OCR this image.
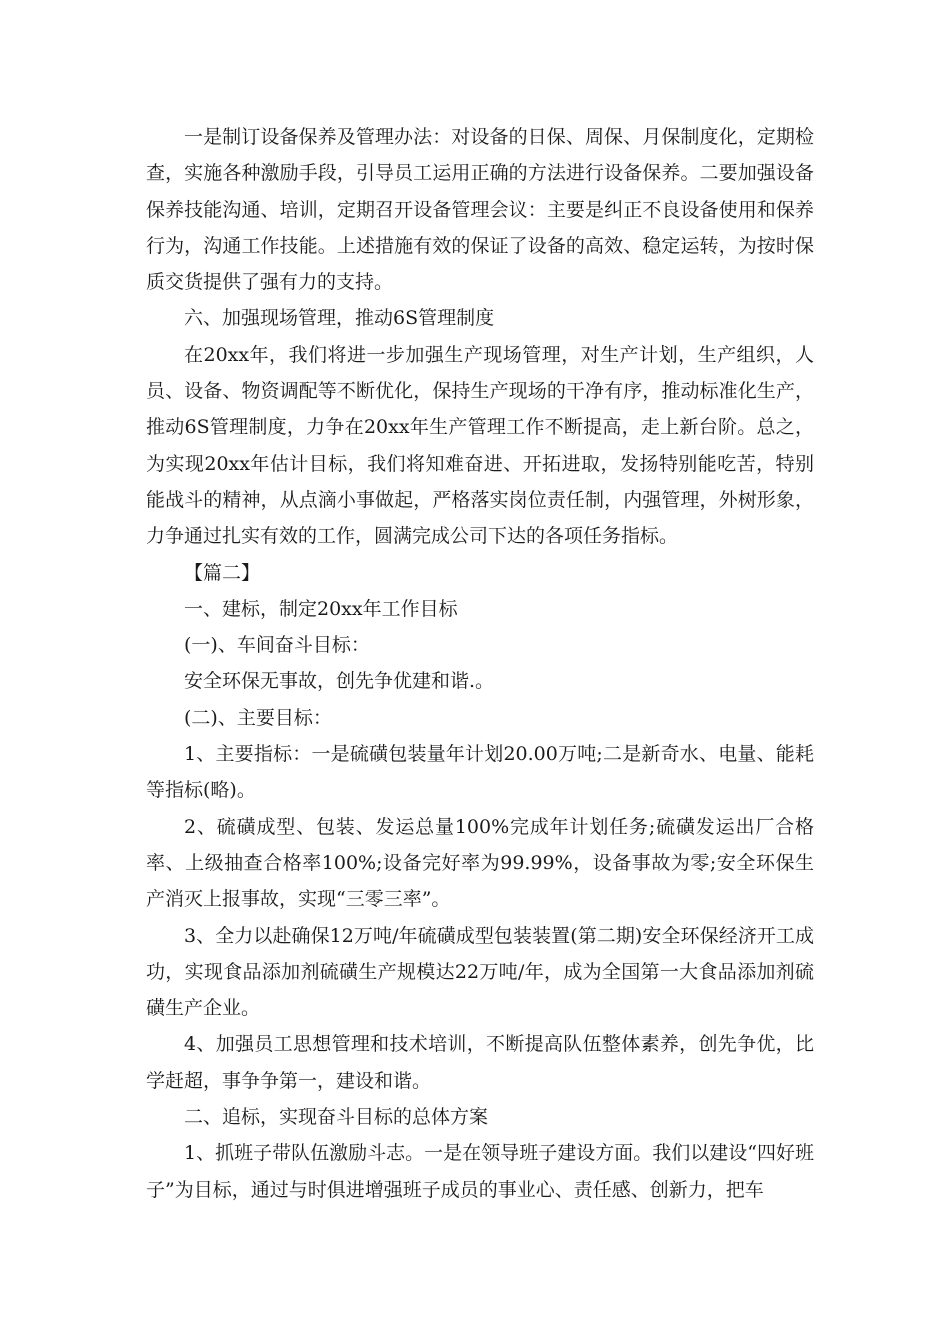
一是制订设备保养及管理办法：对设备的日保、周保、月保制度化，定期检查，实施各种激励手段，引导员工运用正确的方法进行设备保养。二要加强设备保养技能沟通、培训，定期召开设备管理会议：主要是纠正不良设备使用和保养行为，沟通工作技能。上述措施有效的保证了设备的高效、稳定运转，为按时保质交货提供了强有力的支持。

六、加强现场管理，推动6S管理制度

在20xx年，我们将进一步加强生产现场管理，对生产计划，生产组织，人员、设备、物资调配等不断优化，保持生产现场的干净有序，推动标准化生产，推动6S管理制度，力争在20xx年生产管理工作不断提高，走上新台阶。总之，为实现20xx年估计目标，我们将知难奋进、开拓进取，发扬特别能吃苦，特别能战斗的精神，从点滴小事做起，严格落实岗位责任制，内强管理，外树形象，力争通过扎实有效的工作，圆满完成公司下达的各项任务指标。

【篇二】

一、建标，制定20xx年工作目标

(一)、车间奋斗目标：

安全环保无事故，创先争优建和谐.。

(二)、主要目标：

1、主要指标：一是硫磺包装量年计划20.00万吨;二是新奇水、电量、能耗等指标(略)。

2、硫磺成型、包装、发运总量100%完成年计划任务;硫磺发运出厂合格率、上级抽查合格率100%;设备完好率为99.99%，设备事故为零;安全环保生产消灭上报事故，实现“三零三率”。

3、全力以赴确保12万吨/年硫磺成型包装装置(第二期)安全环保经济开工成功，实现食品添加剂硫磺生产规模达22万吨/年，成为全国第一大食品添加剂硫磺生产企业。

4、加强员工思想管理和技术培训，不断提高队伍整体素养，创先争优，比学赶超，事争争第一，建设和谐。

二、追标，实现奋斗目标的总体方案

1、抓班子带队伍激励斗志。一是在领导班子建设方面。我们以建设“四好班子”为目标，通过与时俱进增强班子成员的事业心、责任感、创新力，把车
